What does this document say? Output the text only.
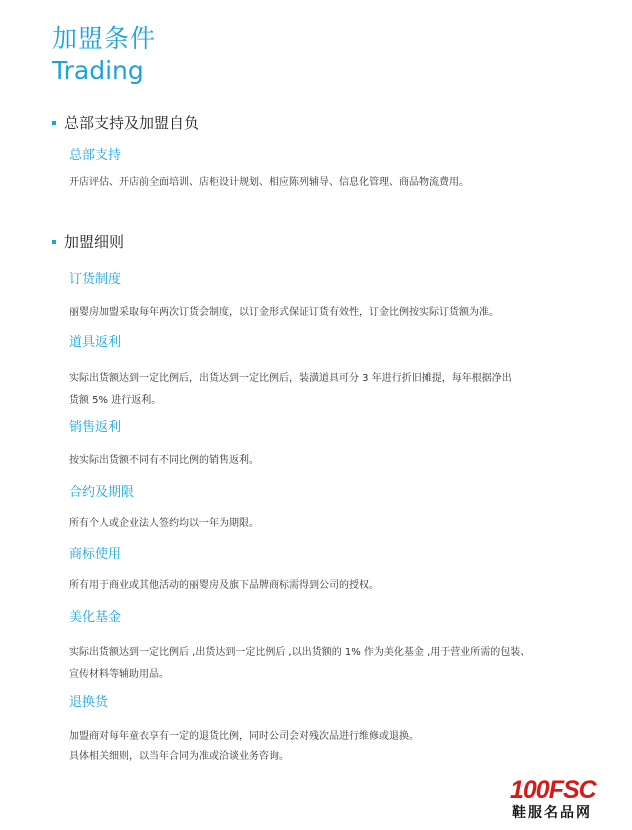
加盟条件
Trading
总部支持及加盟自负
总部支持
开店评估、开店前全面培训、店柜设计规划、相应陈列辅导、信息化管理、商品物流费用。
加盟细则
订货制度
丽婴房加盟采取每年两次订货会制度，以订金形式保证订货有效性，订金比例按实际订货额为准。
道具返利
实际出货额达到一定比例后，出货达到一定比例后，装潢道具可分 3 年进行折旧摊提，每年根据净出
货额 5% 进行返利。
销售返利
按实际出货额不同有不同比例的销售返利。
合约及期限
所有个人或企业法人签约均以一年为期限。
商标使用
所有用于商业或其他活动的丽婴房及旗下品牌商标需得到公司的授权。
美化基金
实际出货额达到一定比例后 ,出货达到一定比例后 ,以出货额的 1% 作为美化基金 ,用于营业所需的包装、
宣传材料等辅助用品。
退换货
加盟商对每年童衣享有一定的退货比例，同时公司会对残次品进行维修或退换。
具体相关细则，以当年合同为准或洽谈业务咨询。
100FSC
鞋服名品网
